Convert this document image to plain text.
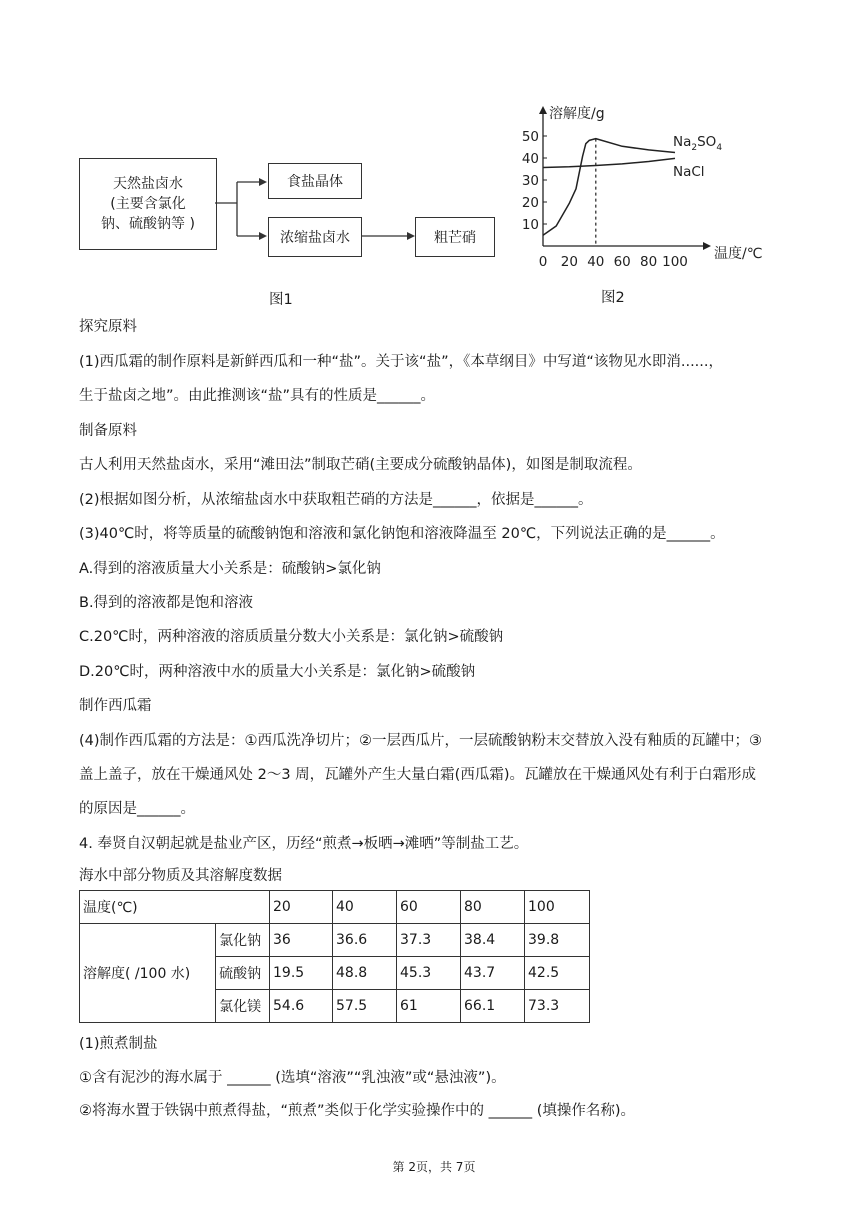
天然盐卤水
(主要含氯化
钠、硫酸钠等 )
食盐晶体
浓缩盐卤水	粗芒硝
图1
溶解度/g
温度/℃
0 20 40 60 80 100
10
20
30
40
50	$Na_2SO_4$
NaCl
图2
探究原料
(1)西瓜霜的制作原料是新鲜西瓜和一种“盐”。关于该“盐”，《本草纲目》中写道“该物见水即消......，
生于盐卤之地”。由此推测该“盐”具有的性质是______。
制备原料
古人利用天然盐卤水，采用“滩田法”制取芒硝(主要成分硫酸钠晶体)，如图是制取流程。
(2)根据如图分析，从浓缩盐卤水中获取粗芒硝的方法是______，依据是______。
(3)40℃时，将等质量的硫酸钠饱和溶液和氯化钠饱和溶液降温至 20℃，下列说法正确的是______。
A.得到的溶液质量大小关系是：硫酸钠>氯化钠
B.得到的溶液都是饱和溶液
C.20℃时，两种溶液的溶质质量分数大小关系是：氯化钠>硫酸钠
D.20℃时，两种溶液中水的质量大小关系是：氯化钠>硫酸钠
制作西瓜霜
(4)制作西瓜霜的方法是：①西瓜洗净切片；②一层西瓜片，一层硫酸钠粉末交替放入没有釉质的瓦罐中；③
盖上盖子，放在干燥通风处 2～3 周，瓦罐外产生大量白霜(西瓜霜)。瓦罐放在干燥通风处有利于白霜形成
的原因是______。
4. 奉贤自汉朝起就是盐业产区，历经“煎煮→板晒→滩晒”等制盐工艺。
海水中部分物质及其溶解度数据
温度(℃)		20	40	60	80	100
溶解度( /100 水)	氯化钠	36	36.6	37.3	38.4	39.8
	硫酸钠	19.5	48.8	45.3	43.7	42.5
	氯化镁	54.6	57.5	61	66.1	73.3
(1)煎煮制盐
①含有泥沙的海水属于 ______ (选填“溶液”“乳浊液”或“悬浊液”)。
②将海水置于铁锅中煎煮得盐，“煎煮”类似于化学实验操作中的 ______ (填操作名称)。
第 2页，共 7页
